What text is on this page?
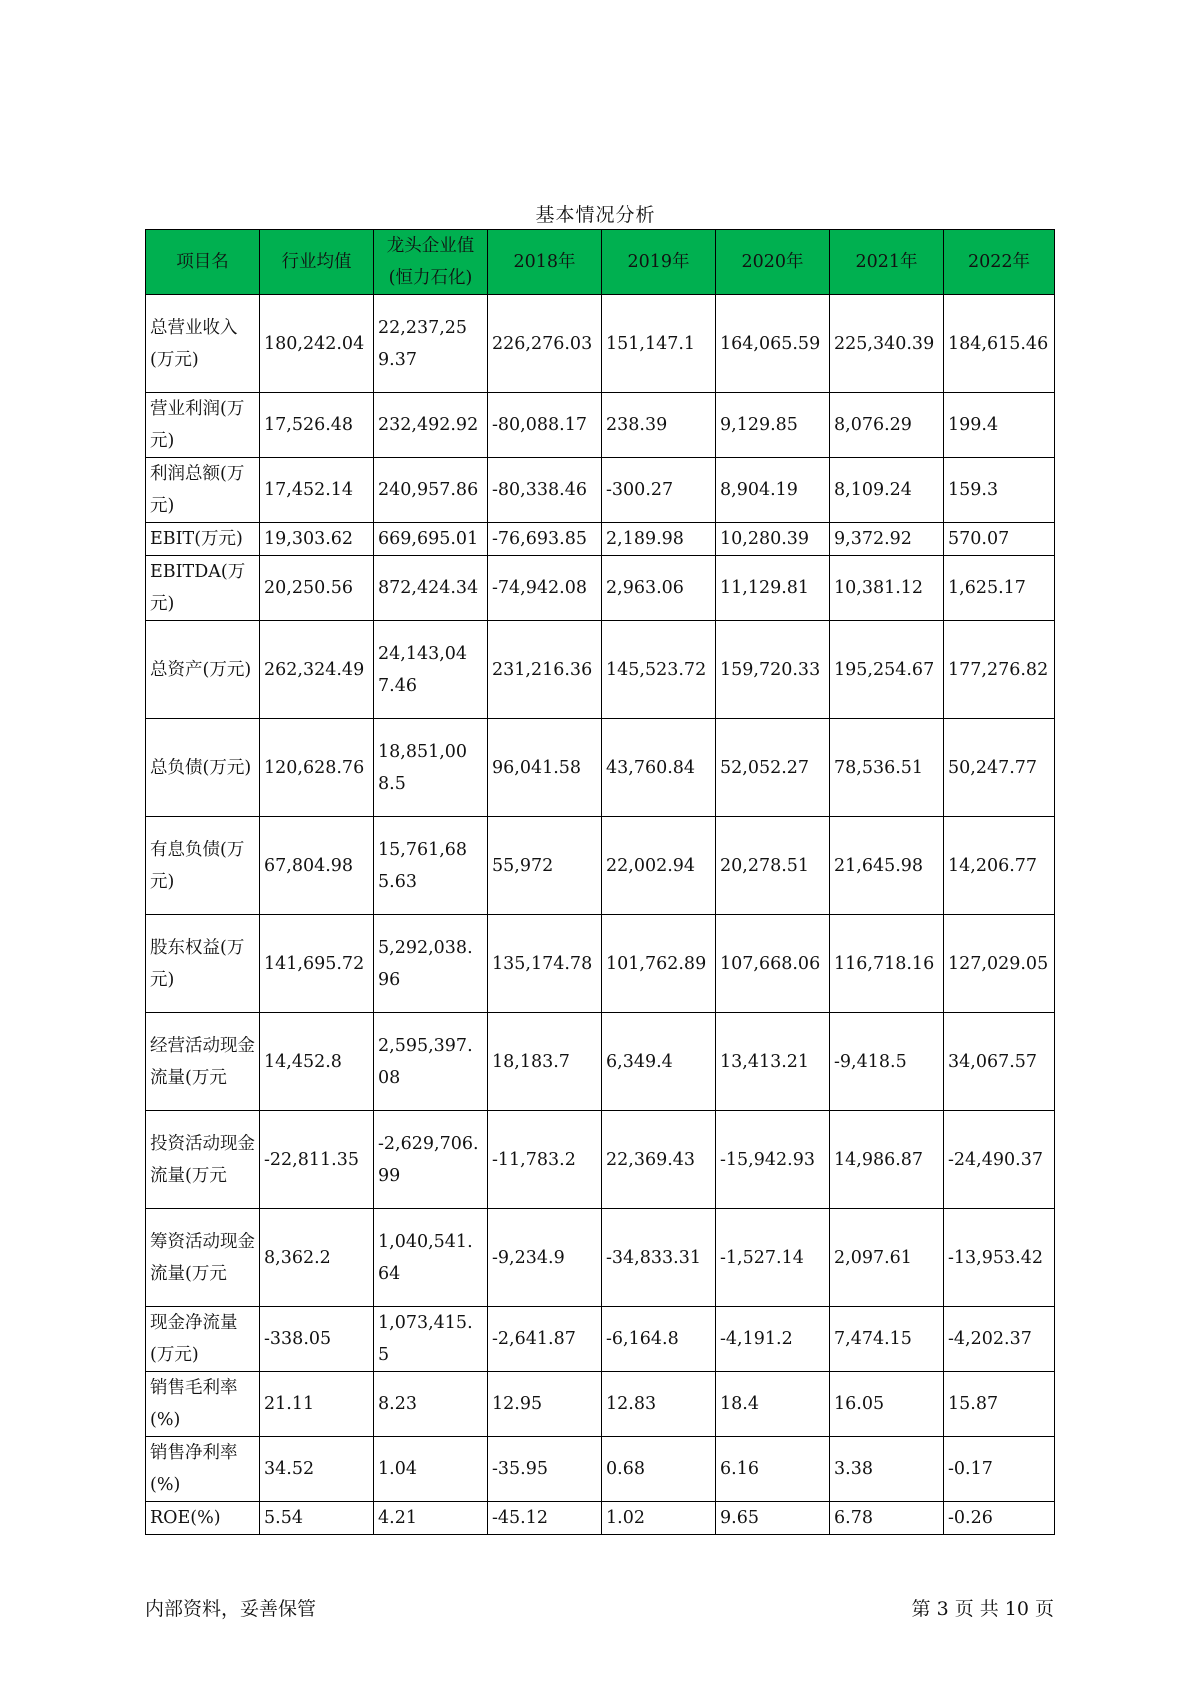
基本情况分析
项目名	行业均值	龙头企业值(恒力石化)	2018年	2019年	2020年	2021年	2022年
总营业收入(万元)	180,242.04	22,237,259.37	226,276.03	151,147.1	164,065.59	225,340.39	184,615.46
营业利润(万元)	17,526.48	232,492.92	-80,088.17	238.39	9,129.85	8,076.29	199.4
利润总额(万元)	17,452.14	240,957.86	-80,338.46	-300.27	8,904.19	8,109.24	159.3
EBIT(万元)	19,303.62	669,695.01	-76,693.85	2,189.98	10,280.39	9,372.92	570.07
EBITDA(万元)	20,250.56	872,424.34	-74,942.08	2,963.06	11,129.81	10,381.12	1,625.17
总资产(万元)	262,324.49	24,143,047.46	231,216.36	145,523.72	159,720.33	195,254.67	177,276.82
总负债(万元)	120,628.76	18,851,008.5	96,041.58	43,760.84	52,052.27	78,536.51	50,247.77
有息负债(万元)	67,804.98	15,761,685.63	55,972	22,002.94	20,278.51	21,645.98	14,206.77
股东权益(万元)	141,695.72	5,292,038.96	135,174.78	101,762.89	107,668.06	116,718.16	127,029.05
经营活动现金流量(万元	14,452.8	2,595,397.08	18,183.7	6,349.4	13,413.21	-9,418.5	34,067.57
投资活动现金流量(万元	-22,811.35	-2,629,706.99	-11,783.2	22,369.43	-15,942.93	14,986.87	-24,490.37
筹资活动现金流量(万元	8,362.2	1,040,541.64	-9,234.9	-34,833.31	-1,527.14	2,097.61	-13,953.42
现金净流量(万元)	-338.05	1,073,415.5	-2,641.87	-6,164.8	-4,191.2	7,474.15	-4,202.37
销售毛利率(%)	21.11	8.23	12.95	12.83	18.4	16.05	15.87
销售净利率(%)	34.52	1.04	-35.95	0.68	6.16	3.38	-0.17
ROE(%)	5.54	4.21	-45.12	1.02	9.65	6.78	-0.26
内部资料，妥善保管	第 3 页 共 10 页
